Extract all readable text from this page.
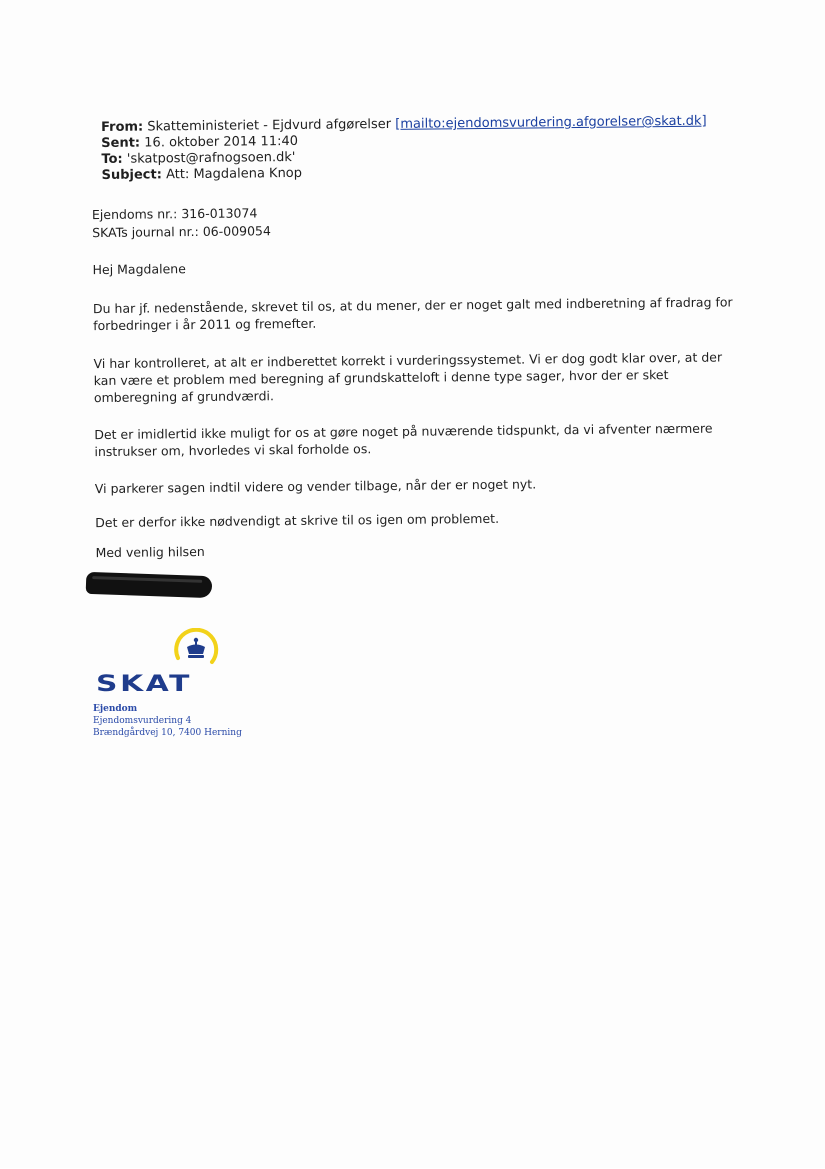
From: Skatteministeriet - Ejdvurd afgørelser [mailto:ejendomsvurdering.afgorelser@skat.dk]
Sent: 16. oktober 2014 11:40
To: 'skatpost@rafnogsoen.dk'
Subject: Att: Magdalena Knop
Ejendoms nr.: 316-013074
SKATs journal nr.: 06-009054
Hej Magdalene
Du har jf. nedenstående, skrevet til os, at du mener, der er noget galt med indberetning af fradrag for forbedringer i år 2011 og fremefter.
Vi har kontrolleret, at alt er indberettet korrekt i vurderingssystemet. Vi er dog godt klar over, at der kan være et problem med beregning af grundskatteloft i denne type sager, hvor der er sket omberegning af grundværdi.
Det er imidlertid ikke muligt for os at gøre noget på nuværende tidspunkt, da vi afventer nærmere instrukser om, hvorledes vi skal forholde os.
Vi parkerer sagen indtil videre og vender tilbage, når der er noget nyt.
Det er derfor ikke nødvendigt at skrive til os igen om problemet.
Med venlig hilsen
SKAT
Ejendom
Ejendomsvurdering 4
Brændgårdvej 10, 7400 Herning
